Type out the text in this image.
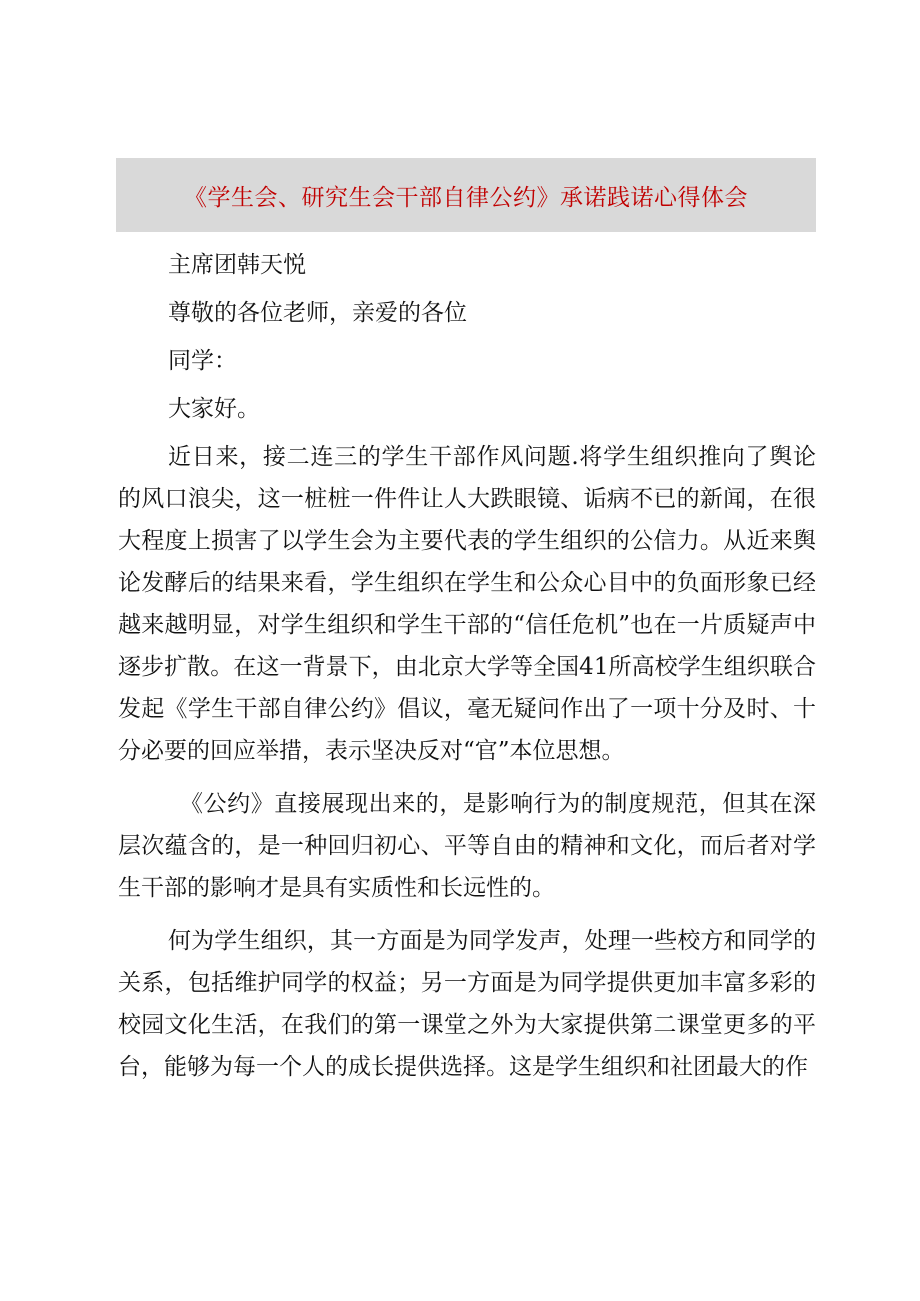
《学生会、研究生会干部自律公约》承诺践诺心得体会

主席团韩天悦

尊敬的各位老师，亲爱的各位

同学：

大家好。

近日来，接二连三的学生干部作风问题.将学生组织推向了舆论的风口浪尖，这一桩桩一件件让人大跌眼镜、诟病不已的新闻，在很大程度上损害了以学生会为主要代表的学生组织的公信力。从近来舆论发酵后的结果来看，学生组织在学生和公众心目中的负面形象已经越来越明显，对学生组织和学生干部的“信任危机”也在一片质疑声中逐步扩散。在这一背景下，由北京大学等全国41所高校学生组织联合发起《学生干部自律公约》倡议，毫无疑问作出了一项十分及时、十分必要的回应举措，表示坚决反对“官”本位思想。

《公约》直接展现出来的，是影响行为的制度规范，但其在深层次蕴含的，是一种回归初心、平等自由的精神和文化，而后者对学生干部的影响才是具有实质性和长远性的。

何为学生组织，其一方面是为同学发声，处理一些校方和同学的关系，包括维护同学的权益；另一方面是为同学提供更加丰富多彩的校园文化生活，在我们的第一课堂之外为大家提供第二课堂更多的平台，能够为每一个人的成长提供选择。这是学生组织和社团最大的作
